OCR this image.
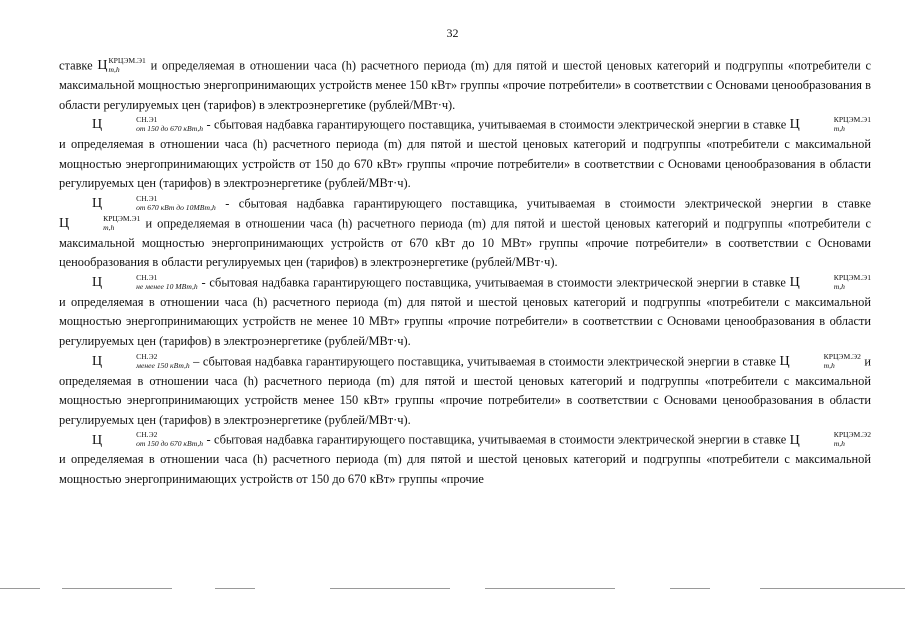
32

ставке Ц КРЦЭМ.Э1
m,h	и определяемая в отношении часа (h) расчетного периода (m) для пятой и шестой ценовых категорий и подгруппы «потребители с максимальной мощностью энергопринимающих устройств менее 150 кВт» группы «прочие потребители» в соответствии с Основами ценообразования в области регулируемых цен (тарифов) в электроэнергетике (рублей/МВт·ч).

Ц	СН.Э1
от 150 до 670 кВт,h - сбытовая надбавка гарантирующего поставщика, учитываемая в стоимости электрической энергии в ставке Ц	КРЦЭМ.Э1
m,h
и определяемая в отношении часа (h) расчетного периода (m) для пятой и шестой ценовых категорий и подгруппы «потребители с максимальной мощностью энергопринимающих устройств от 150 до 670 кВт» группы «прочие потребители» в соответствии с Основами ценообразования в области регулируемых цен (тарифов) в электроэнергетике (рублей/МВт·ч).

Ц	СН.Э1
от 670 кВт до 10МВт,h - сбытовая надбавка гарантирующего поставщика, учитываемая в стоимости электрической энергии в ставке Ц	КРЦЭМ.Э1
m,h	и определяемая в отношении часа (h) расчетного периода (m) для пятой и шестой ценовых категорий и подгруппы «потребители с максимальной мощностью энергопринимающих устройств от 670 кВт до 10 МВт» группы «прочие потребители» в соответствии с Основами ценообразования в области регулируемых цен (тарифов) в электроэнергетике (рублей/МВт·ч).

Ц	СН.Э1
не менее 10 МВт,h - сбытовая надбавка гарантирующего поставщика, учитываемая в стоимости электрической энергии в ставке Ц	КРЦЭМ.Э1
m,h
и определяемая в отношении часа (h) расчетного периода (m) для пятой и шестой ценовых категорий и подгруппы «потребители с максимальной мощностью энергопринимающих устройств не менее 10 МВт» группы «прочие потребители» в соответствии с Основами ценообразования в области регулируемых цен (тарифов) в электроэнергетике (рублей/МВт·ч).

Ц	СН.Э2
менее 150 кВт,h – сбытовая надбавка гарантирующего поставщика, учитываемая в стоимости электрической энергии в ставке Ц	КРЦЭМ.Э2
m,h	и определяемая в отношении часа (h) расчетного периода (m) для пятой и шестой ценовых категорий и подгруппы «потребители с максимальной мощностью энергопринимающих устройств менее 150 кВт» группы «прочие потребители» в соответствии с Основами ценообразования в области регулируемых цен (тарифов) в электроэнергетике (рублей/МВт·ч).

Ц	СН.Э2
от 150 до 670 кВт,h - сбытовая надбавка гарантирующего поставщика, учитываемая в стоимости электрической энергии в ставке Ц	КРЦЭМ.Э2
m,h
и определяемая в отношении часа (h) расчетного периода (m) для пятой и шестой ценовых категорий и подгруппы «потребители с максимальной мощностью энергопринимающих устройств от 150 до 670 кВт» группы «прочие
